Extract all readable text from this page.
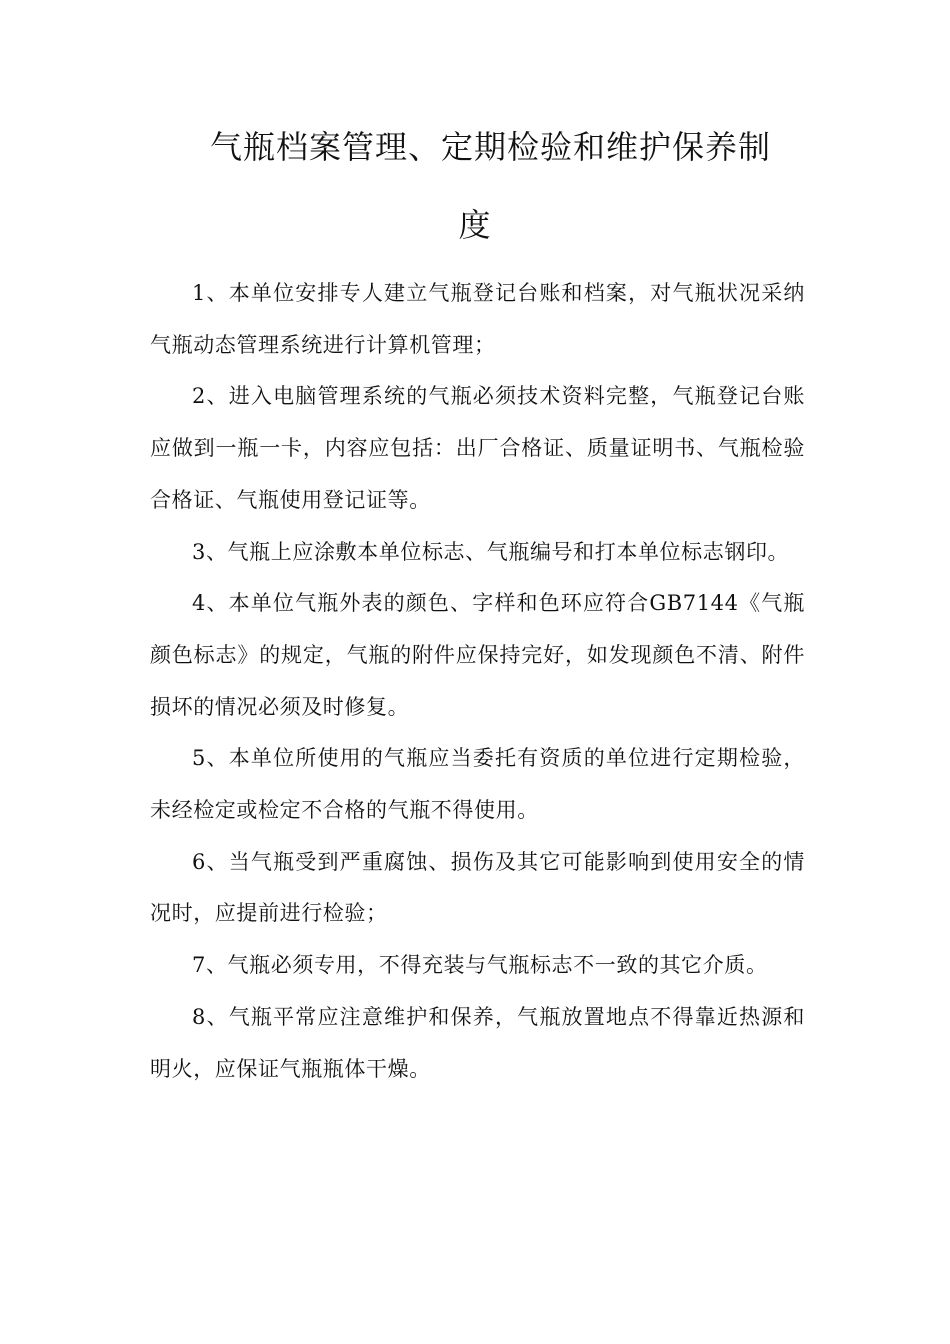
气瓶档案管理、定期检验和维护保养制
度

1、本单位安排专人建立气瓶登记台账和档案，对气瓶状况采纳气瓶动态管理系统进行计算机管理；

2、进入电脑管理系统的气瓶必须技术资料完整，气瓶登记台账应做到一瓶一卡，内容应包括：出厂合格证、质量证明书、气瓶检验合格证、气瓶使用登记证等。

3、气瓶上应涂敷本单位标志、气瓶编号和打本单位标志钢印。

4、本单位气瓶外表的颜色、字样和色环应符合GB7144《气瓶颜色标志》的规定，气瓶的附件应保持完好，如发现颜色不清、附件损坏的情况必须及时修复。

5、本单位所使用的气瓶应当委托有资质的单位进行定期检验，未经检定或检定不合格的气瓶不得使用。

6、当气瓶受到严重腐蚀、损伤及其它可能影响到使用安全的情况时，应提前进行检验；

7、气瓶必须专用，不得充装与气瓶标志不一致的其它介质。

8、气瓶平常应注意维护和保养，气瓶放置地点不得靠近热源和明火，应保证气瓶瓶体干燥。
